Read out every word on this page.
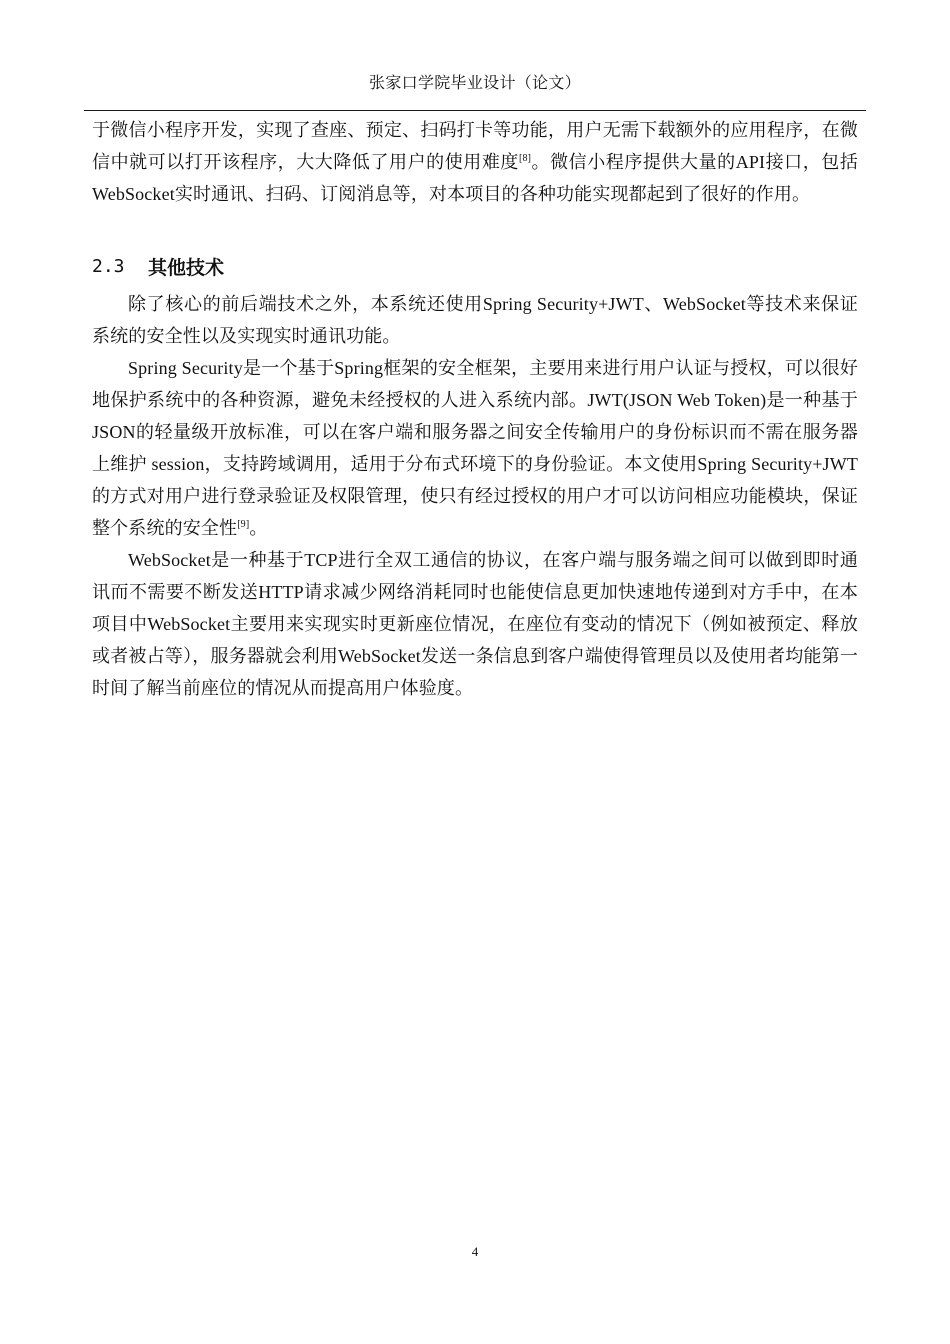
张家口学院毕业设计（论文）

于微信小程序开发，实现了查座、预定、扫码打卡等功能，用户无需下载额外的应用程序，在微信中就可以打开该程序，大大降低了用户的使用难度[8]。微信小程序提供大量的API接口，包括WebSocket实时通讯、扫码、订阅消息等，对本项目的各种功能实现都起到了很好的作用。

2.3	其他技术

除了核心的前后端技术之外，本系统还使用Spring Security+JWT、WebSocket等技术来保证系统的安全性以及实现实时通讯功能。

Spring Security是一个基于Spring框架的安全框架，主要用来进行用户认证与授权，可以很好地保护系统中的各种资源，避免未经授权的人进入系统内部。JWT(JSON Web Token)是一种基于JSON的轻量级开放标准，可以在客户端和服务器之间安全传输用户的身份标识而不需在服务器上维护 session，支持跨域调用，适用于分布式环境下的身份验证。本文使用Spring Security+JWT的方式对用户进行登录验证及权限管理，使只有经过授权的用户才可以访问相应功能模块，保证整个系统的安全性[9]。

WebSocket是一种基于TCP进行全双工通信的协议，在客户端与服务端之间可以做到即时通讯而不需要不断发送HTTP请求减少网络消耗同时也能使信息更加快速地传递到对方手中，在本项目中WebSocket主要用来实现实时更新座位情况，在座位有变动的情况下（例如被预定、释放或者被占等），服务器就会利用WebSocket发送一条信息到客户端使得管理员以及使用者均能第一时间了解当前座位的情况从而提高用户体验度。

4
